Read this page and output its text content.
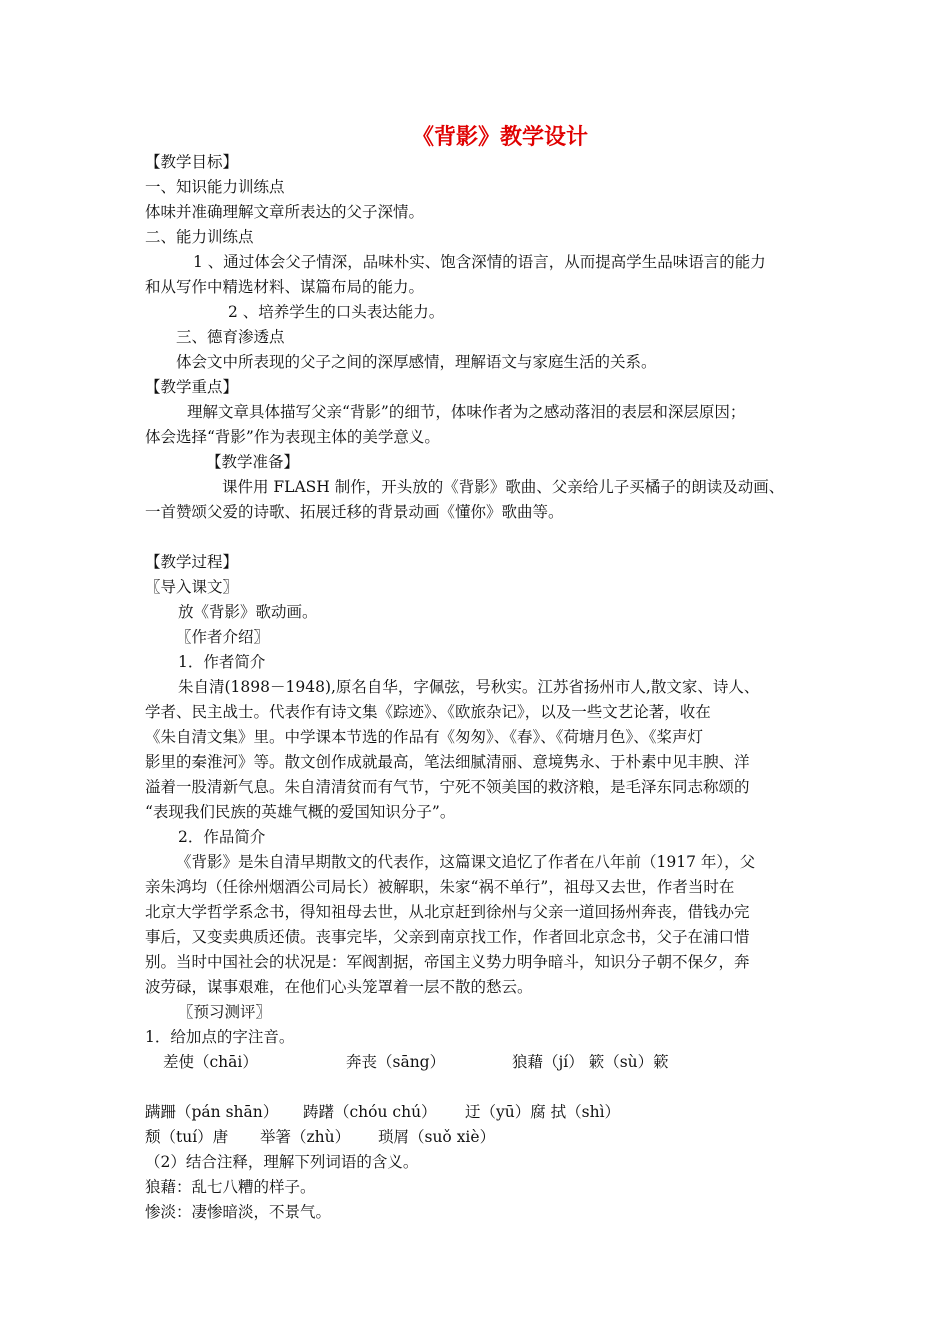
《背影》教学设计
【教学目标】
一、知识能力训练点
体味并准确理解文章所表达的父子深情。
二、能力训练点
1 、通过体会父子情深，品味朴实、饱含深情的语言，从而提高学生品味语言的能力
和从写作中精选材料、谋篇布局的能力。
2 、培养学生的口头表达能力。
三、德育渗透点
体会文中所表现的父子之间的深厚感情，理解语文与家庭生活的关系。
【教学重点】
理解文章具体描写父亲“背影”的细节，体味作者为之感动落泪的表层和深层原因；
体会选择“背影”作为表现主体的美学意义。
【教学准备】
课件用 FLASH 制作，开头放的《背影》歌曲、父亲给儿子买橘子的朗读及动画、
一首赞颂父爱的诗歌、拓展迁移的背景动画《懂你》歌曲等。
【教学过程】
〖导入课文〗
放《背影》歌动画。
〖作者介绍〗
1．作者简介
朱自清(1898－1948),原名自华，字佩弦，号秋实。江苏省扬州市人,散文家、诗人、
学者、民主战士。代表作有诗文集《踪迹》、《欧旅杂记》，以及一些文艺论著，收在
《朱自清文集》里。中学课本节选的作品有《匆匆》、《春》、《荷塘月色》、《桨声灯
影里的秦淮河》等。散文创作成就最高，笔法细腻清丽、意境隽永、于朴素中见丰腴、洋
溢着一股清新气息。朱自清清贫而有气节，宁死不领美国的救济粮，是毛泽东同志称颂的
“表现我们民族的英雄气概的爱国知识分子”。
2．作品简介
《背影》是朱自清早期散文的代表作，这篇课文追忆了作者在八年前（1917 年），父
亲朱鸿均（任徐州烟酒公司局长）被解职，朱家“祸不单行”，祖母又去世，作者当时在
北京大学哲学系念书，得知祖母去世，从北京赶到徐州与父亲一道回扬州奔丧，借钱办完
事后，又变卖典质还债。丧事完毕，父亲到南京找工作，作者回北京念书，父子在浦口惜
别。当时中国社会的状况是：军阀割据，帝国主义势力明争暗斗，知识分子朝不保夕，奔
波劳碌，谋事艰难，在他们心头笼罩着一层不散的愁云。
〖预习测评〗
1．给加点的字注音。
差使（chāi）	奔丧（sāng）	狼藉（jí） 簌（sù）簌
蹒跚（pán shān） 踌躇（chóu chú） 迂（yū）腐 拭（shì）
颓（tuí）唐 举箸（zhù） 琐屑（suǒ xiè）
（2）结合注释，理解下列词语的含义。
狼藉：乱七八糟的样子。
惨淡：凄惨暗淡，不景气。
